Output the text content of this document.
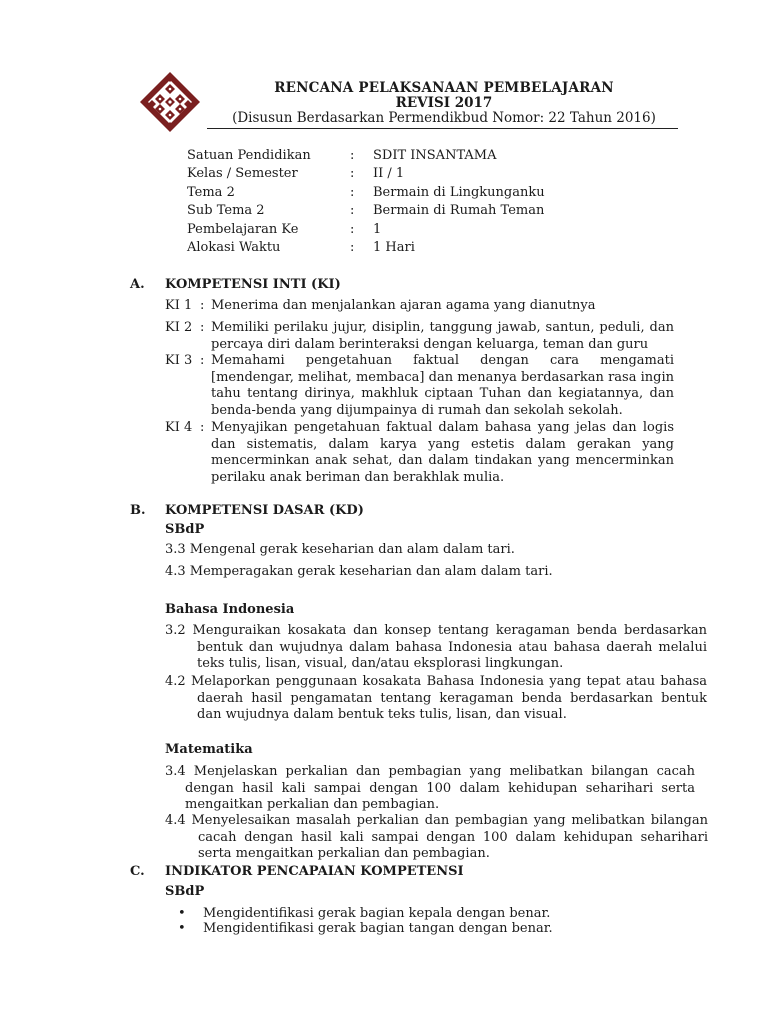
RENCANA PELAKSANAAN PEMBELAJARAN
REVISI 2017
(Disusun Berdasarkan Permendikbud Nomor: 22 Tahun 2016)
Satuan Pendidikan	: SDIT INSANTAMA
Kelas / Semester	: II / 1
Tema 2	: Bermain di Lingkunganku
Sub Tema 2	: Bermain di Rumah Teman
Pembelajaran Ke	: 1
Alokasi Waktu	: 1 Hari
A. KOMPETENSI INTI (KI)
KI 1 : Menerima dan menjalankan ajaran agama yang dianutnya
KI 2 : Memiliki perilaku jujur, disiplin, tanggung jawab, santun, peduli, dan percaya diri dalam berinteraksi dengan keluarga, teman dan guru
KI 3 : Memahami pengetahuan faktual dengan cara mengamati [mendengar, melihat, membaca] dan menanya berdasarkan rasa ingin tahu tentang dirinya, makhluk ciptaan Tuhan dan kegiatannya, dan benda-benda yang dijumpainya di rumah dan sekolah sekolah.
KI 4 : Menyajikan pengetahuan faktual dalam bahasa yang jelas dan logis dan sistematis, dalam karya yang estetis dalam gerakan yang mencerminkan anak sehat, dan dalam tindakan yang mencerminkan perilaku anak beriman dan berakhlak mulia.
B. KOMPETENSI DASAR (KD)
SBdP
3.3 Mengenal gerak keseharian dan alam dalam tari.
4.3 Memperagakan gerak keseharian dan alam dalam tari.
Bahasa Indonesia
3.2 Menguraikan kosakata dan konsep tentang keragaman benda berdasarkan bentuk dan wujudnya dalam bahasa Indonesia atau bahasa daerah melalui teks tulis, lisan, visual, dan/atau eksplorasi lingkungan.
4.2 Melaporkan penggunaan kosakata Bahasa Indonesia yang tepat atau bahasa daerah hasil pengamatan tentang keragaman benda berdasarkan bentuk dan wujudnya dalam bentuk teks tulis, lisan, dan visual.
Matematika
3.4 Menjelaskan perkalian dan pembagian yang melibatkan bilangan cacah dengan hasil kali sampai dengan 100 dalam kehidupan seharihari serta mengaitkan perkalian dan pembagian.
4.4 Menyelesaikan masalah perkalian dan pembagian yang melibatkan bilangan cacah dengan hasil kali sampai dengan 100 dalam kehidupan seharihari serta mengaitkan perkalian dan pembagian.
C. INDIKATOR PENCAPAIAN KOMPETENSI
SBdP
• Mengidentifikasi gerak bagian kepala dengan benar.
• Mengidentifikasi gerak bagian tangan dengan benar.
